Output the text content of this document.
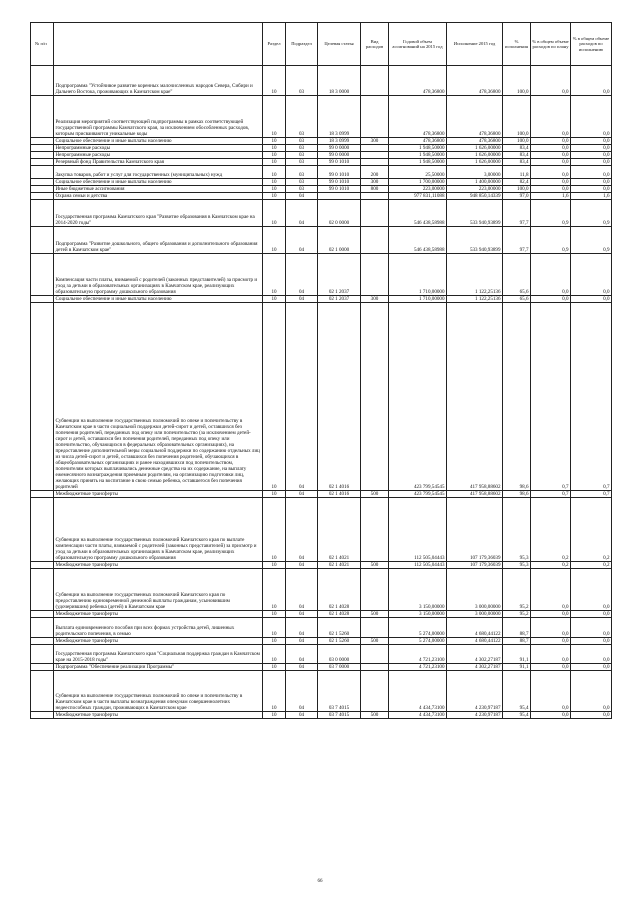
№ п/п		Раздел	Подраздел	Целевая статья	Вид расходов	Годовой объем ассигнований на 2015 год	Исполнение 2015 год	% исполнения	% в общем объеме расходов по плану	% в общем объеме расходов по исполнению
	Подпрограмма "Устойчивое развитие коренных малочисленных народов Севера, Сибири и Дальнего Востока, проживающих в Камчатском крае"	10	03	18 3 0000		478,36800	478,36800	100,0	0,0	0,0
	Реализация мероприятий соответствующей подпрограммы в рамках соответствующей государственной программы Камчатского края, за исключением обособленных расходов, которым присваиваются уникальные коды	10	03	18 3 0999		478,36800	478,36800	100,0	0,0	0,0
	Социальное обеспечение и иные выплаты населению	10	03	18 3 0999	300	478,36800	478,36800	100,0	0,0	0,0
	Непрограммные расходы	10	03	99 0 0000		1 948,50000	1 626,00000	83,4	0,0	0,0
	Непрограммные расходы	10	03	99 0 0000		1 948,50000	1 626,00000	83,4	0,0	0,0
	Резервный фонд Правительства Камчатского края	10	03	99 0 1010		1 948,50000	1 626,00000	83,4	0,0	0,0
	Закупка товаров, работ и услуг для государственных (муниципальных) нужд	10	03	99 0 1010	200	25,50000	3,00000	11,8	0,0	0,0
	Социальное обеспечение и иные выплаты населению	10	03	99 0 1010	300	1 700,00000	1 400,00000	82,4	0,0	0,0
	Иные бюджетные ассигнования	10	03	99 0 1010	800	223,00000	223,00000	100,0	0,0	0,0
	Охрана семьи и детства	10	04			977 831,11088	948 850,14339	97,0	1,6	1,6
	Государственная программа Камчатского края "Развитие образования в Камчатском крае на 2014-2020 годы"	10	04	02 0 0000		546 438,58988	533 940,93899	97,7	0,9	0,9
	Подпрограмма "Развитие дошкольного, общего образования и дополнительного образования детей в Камчатском крае"	10	04	02 1 0000		546 438,58988	533 940,93899	97,7	0,9	0,9
	Компенсация части платы, взимаемой с родителей (законных представителей) за присмотр и уход за детьми в образовательных организациях в Камчатском крае, реализующих образовательную программу дошкольного образования	10	04	02 1 2037		1 710,00000	1 122,25136	65,6	0,0	0,0
	Социальное обеспечение и иные выплаты населению	10	04	02 1 2037	300	1 710,00000	1 122,25136	65,6	0,0	0,0
	Субвенции на выполнение государственных полномочий по опеке и попечительству в Камчатском крае в части социальной поддержки детей-сирот и детей, оставшихся без попечения родителей, переданных под опеку или попечительство (за исключением детей-сирот и детей, оставшихся без попечения родителей, переданных под опеку или попечительство, обучающихся в федеральных образовательных организациях), на предоставление дополнительной меры социальной поддержки по содержанию отдельных лиц из числа детей-сирот и детей, оставшихся без попечения родителей, обучающихся в общеобразовательных организациях и ранее находившихся под попечительством, попечителям которых выплачивались денежные средства на их содержание, на выплату ежемесячного вознаграждения приемным родителям, на организацию подготовки лиц, желающих принять на воспитание в свою семью ребенка, оставшегося без попечения родителей	10	04	02 1 4016		423 799,54545	417 958,88602	98,6	0,7	0,7
	Межбюджетные трансферты	10	04	02 1 4016	500	423 799,54545	417 958,88602	98,6	0,7	0,7
	Субвенции на выполнение государственных полномочий Камчатского края по выплате компенсации части платы, взимаемой с родителей (законных представителей) за присмотр и уход за детьми в образовательных организациях в Камчатском крае, реализующих образовательную программу дошкольного образования	10	04	02 1 4021		112 505,04443	107 179,36039	95,3	0,2	0,2
	Межбюджетные трансферты	10	04	02 1 4021	500	112 505,04443	107 179,36039	95,3	0,2	0,2
	Субвенции на выполнение государственных полномочий Камчатского края по предоставлению единовременной денежной выплаты гражданам, усыновившим (удочерившим) ребенка (детей) в Камчатском крае	10	04	02 1 4028		3 150,00000	3 000,00000	95,2	0,0	0,0
	Межбюджетные трансферты	10	04	02 1 4028	500	3 150,00000	3 000,00000	95,2	0,0	0,0
	Выплата единовременного пособия при всех формах устройства детей, лишенных родительского попечения, в семью	10	04	02 1 5260		5 274,00000	4 680,44122	88,7	0,0	0,0
	Межбюджетные трансферты	10	04	02 1 5260	500	5 274,00000	4 680,44122	88,7	0,0	0,0
	Государственная программа Камчатского края "Социальная поддержка граждан в Камчатском крае на 2015-2018 годы"	10	04	03 0 0000		4 721,23100	4 302,27187	91,1	0,0	0,0
	Подпрограмма "Обеспечение реализации Программы"	10	04	03 7 0000		4 721,23100	4 302,27187	91,1	0,0	0,0
	Субвенции на выполнение государственных полномочий по опеке и попечительству в Камчатском крае в части выплаты вознаграждения опекунам совершеннолетних недееспособных граждан, проживающих в Камчатском крае	10	04	03 7 4015		4 434,73100	4 230,97187	95,4	0,0	0,0
	Межбюджетные трансферты	10	04	03 7 4015	500	4 434,73100	4 230,97187	95,4	0,0	0,0
66
